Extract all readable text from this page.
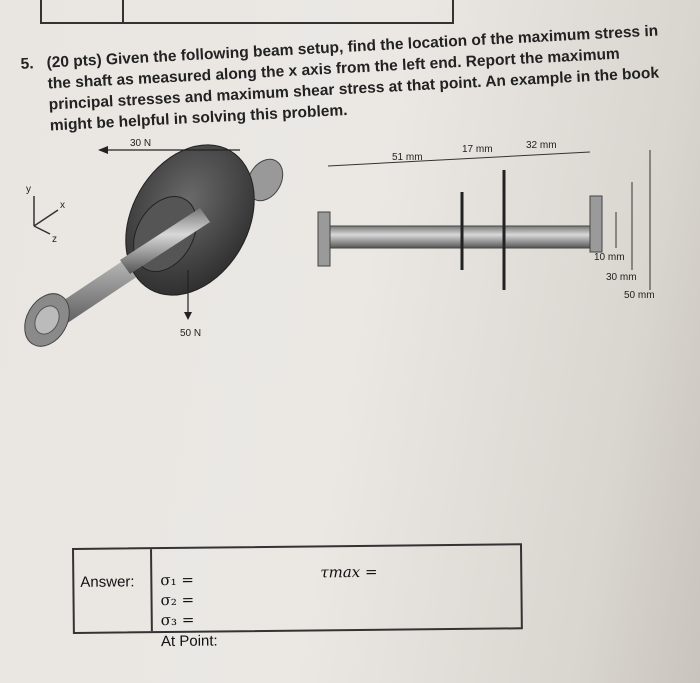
5. (20 pts) Given the following beam setup, find the location of the maximum stress in the shaft as measured along the x axis from the left end. Report the maximum principal stresses and maximum shear stress at that point. An example in the book might be helpful in solving this problem.
y
x
z
30 N
50 N
51 mm
17 mm	32 mm
10 mm
30 mm
50 mm
Answer: σ₁ =
σ₂ =
σ₃ =
At Point:
τmax =
